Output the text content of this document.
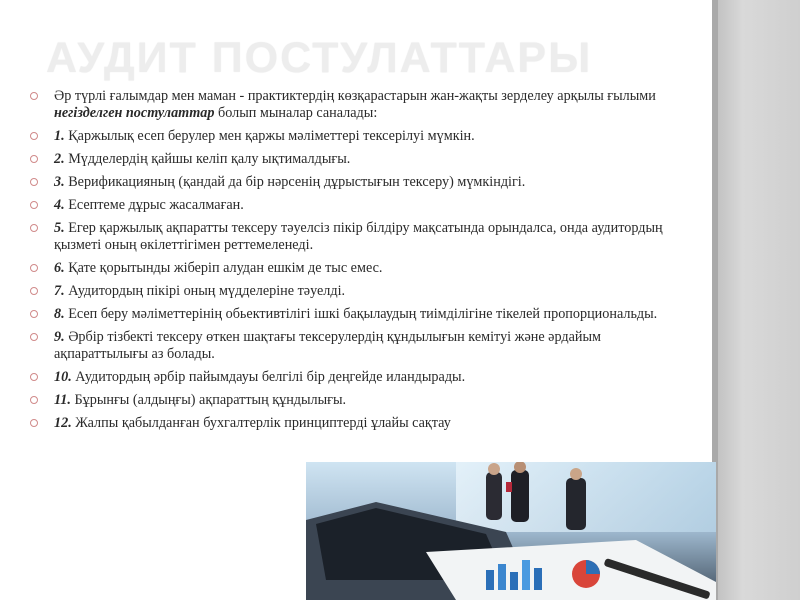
АУДИТ ПОСТУЛАТТАРЫ
Әр түрлі ғалымдар мен маман - практиктердің көзқарастарын жан-жақты зерделеу арқылы ғылыми негізделген постулаттар болып мыналар саналады:
1. Қаржылық есеп берулер мен қаржы мәліметтері тексерілуі мүмкін.
2. Мүдделердің қайшы келіп қалу ықтималдығы.
3. Верификацияның (қандай да бір нәрсенің дұрыстығын тексеру) мүмкіндігі.
4. Есептеме дұрыс жасалмаған.
5. Егер қаржылық ақпаратты тексеру тәуелсіз пікір білдіру мақсатында орындалса, онда аудитордың қызметі оның өкілеттігімен реттемеленеді.
6. Қате қорытынды жіберіп алудан ешкім де тыс емес.
7. Аудитордың пікірі оның мүдделеріне тәуелді.
8. Есеп беру мәліметтерінің обьективтілігі ішкі бақылаудың тиімділігіне тікелей пропорциональды.
9. Әрбір тізбекті тексеру өткен шақтағы тексерулердің құндылығын кемітуі және әрдайым ақпараттылығы аз болады.
10. Аудитордың әрбір пайымдауы белгілі бір деңгейде иландырады.
11. Бұрынғы (алдыңғы) ақпараттың құндылығы.
12. Жалпы қабылданған бухгалтерлік принциптерді ұлайы сақтау
